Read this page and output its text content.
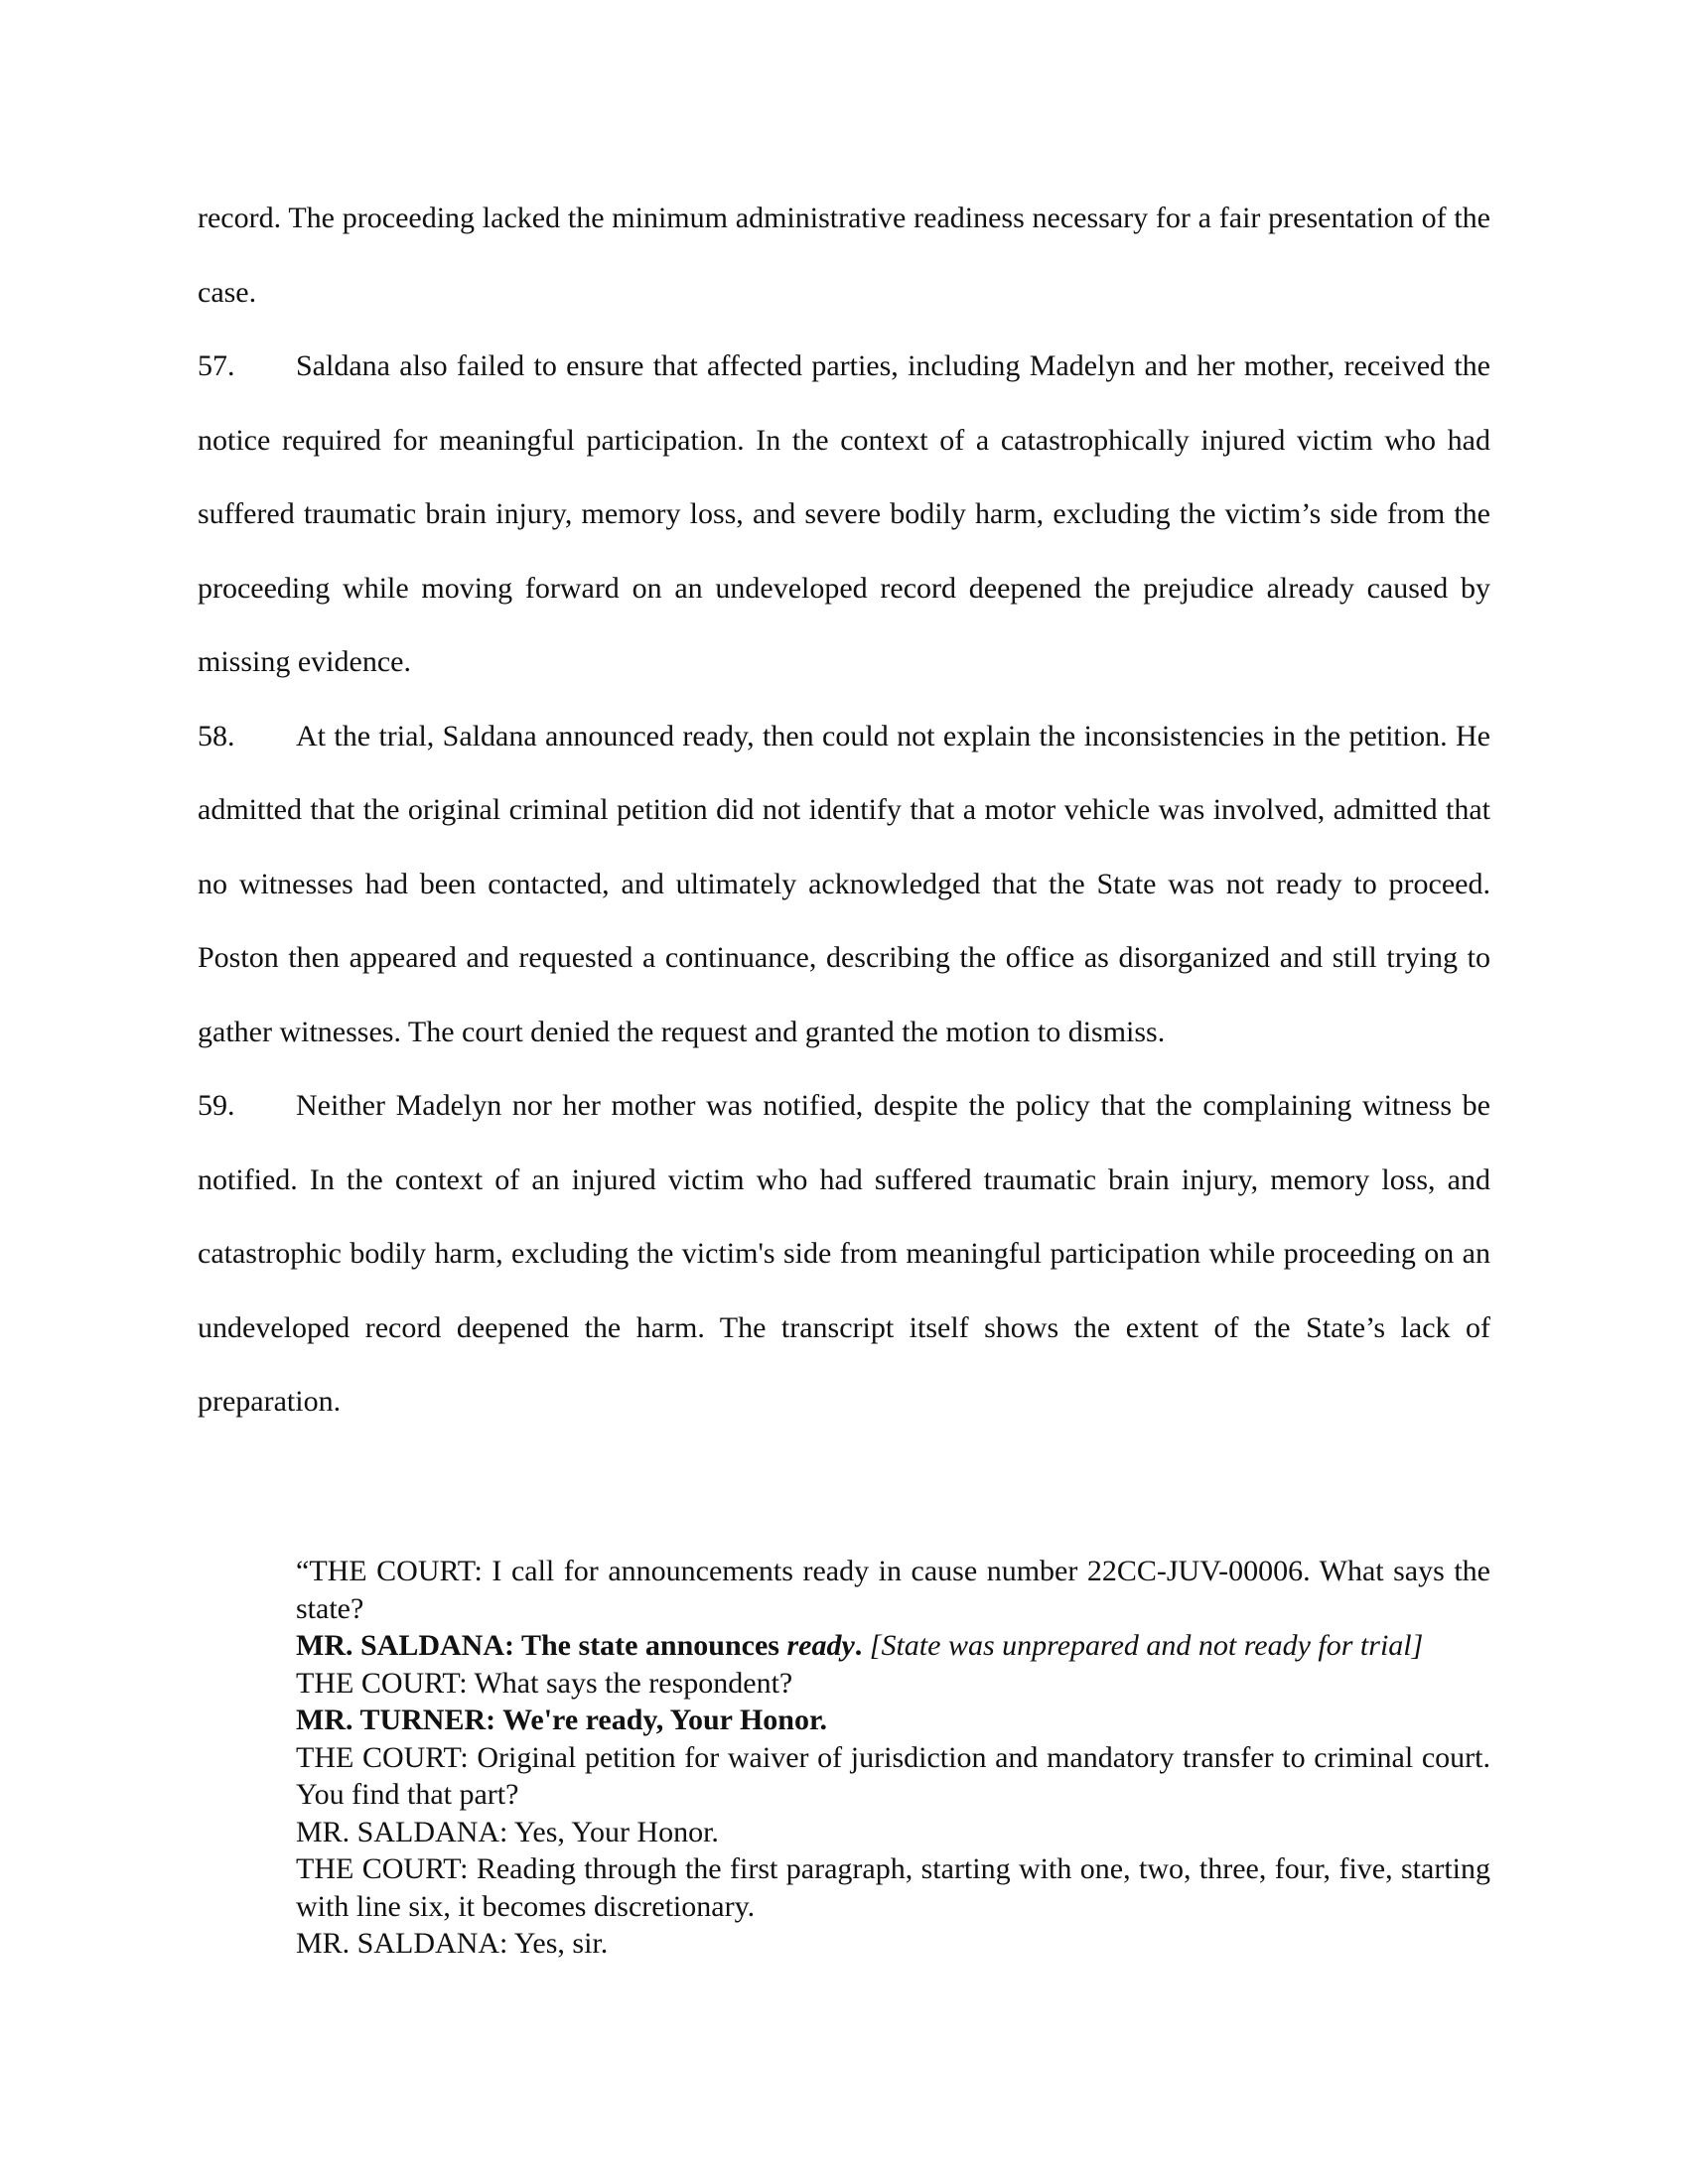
record. The proceeding lacked the minimum administrative readiness necessary for a fair presentation of the case.

57. Saldana also failed to ensure that affected parties, including Madelyn and her mother, received the notice required for meaningful participation. In the context of a catastrophically injured victim who had suffered traumatic brain injury, memory loss, and severe bodily harm, excluding the victim’s side from the proceeding while moving forward on an undeveloped record deepened the prejudice already caused by missing evidence.

58. At the trial, Saldana announced ready, then could not explain the inconsistencies in the petition. He admitted that the original criminal petition did not identify that a motor vehicle was involved, admitted that no witnesses had been contacted, and ultimately acknowledged that the State was not ready to proceed. Poston then appeared and requested a continuance, describing the office as disorganized and still trying to gather witnesses. The court denied the request and granted the motion to dismiss.

59. Neither Madelyn nor her mother was notified, despite the policy that the complaining witness be notified. In the context of an injured victim who had suffered traumatic brain injury, memory loss, and catastrophic bodily harm, excluding the victim's side from meaningful participation while proceeding on an undeveloped record deepened the harm. The transcript itself shows the extent of the State’s lack of preparation.

“THE COURT: I call for announcements ready in cause number 22CC-JUV-00006. What says the state?

MR. SALDANA: The state announces ready. [State was unprepared and not ready for trial]

THE COURT: What says the respondent?

MR. TURNER: We're ready, Your Honor.

THE COURT: Original petition for waiver of jurisdiction and mandatory transfer to criminal court. You find that part?

MR. SALDANA: Yes, Your Honor.

THE COURT: Reading through the first paragraph, starting with one, two, three, four, five, starting with line six, it becomes discretionary.

MR. SALDANA: Yes, sir.
